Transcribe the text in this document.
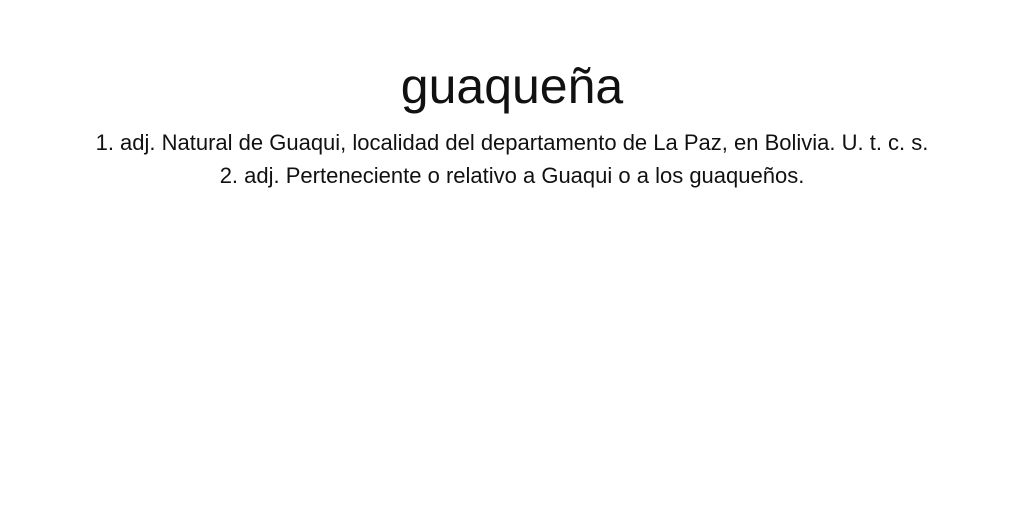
guaqueña
1. adj. Natural de Guaqui, localidad del departamento de La Paz, en Bolivia. U. t. c. s.
2. adj. Perteneciente o relativo a Guaqui o a los guaqueños.
